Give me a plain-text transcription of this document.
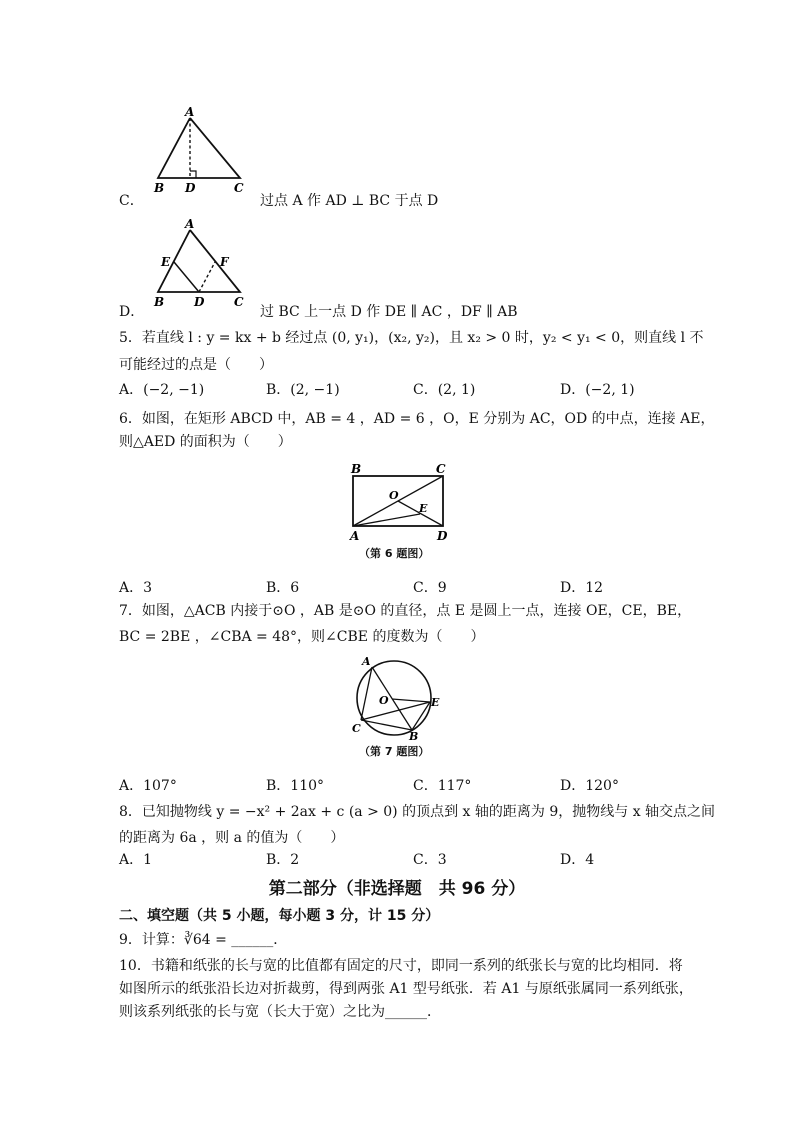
A
B D	C
C．	过点 A 作 AD ⊥ BC 于点 D
A
E	F
B D C
D．	过 BC 上一点 D 作 DE ∥ AC ，DF ∥ AB
5．若直线 l : y = kx + b 经过点 (0, y₁)，(x₂, y₂)，且 x₂ > 0 时，y₂ < y₁ < 0，则直线 l 不
可能经过的点是（　　）
A．(−2, −1)	B．(2, −1)	C．(2, 1)	D．(−2, 1)
6．如图，在矩形 ABCD 中，AB = 4 ，AD = 6 ，O，E 分别为 AC，OD 的中点，连接 AE，
则△AED 的面积为（　　）
B	C
O
E
A	D
（第 6 题图）
A．3	B．6	C．9	D．12
7．如图，△ACB 内接于⊙O ，AB 是⊙O 的直径，点 E 是圆上一点，连接 OE，CE，BE，
BC = 2BE ，∠CBA = 48°，则∠CBE 的度数为（　　）
A
O	E
C
B
（第 7 题图）
A．107°	B．110°	C．117°	D．120°
8．已知抛物线 y = −x² + 2ax + c (a > 0) 的顶点到 x 轴的距离为 9，抛物线与 x 轴交点之间
的距离为 6a ，则 a 的值为（　　）
A．1	B．2	C．3	D．4
第二部分（非选择题　共 96 分）
二、填空题（共 5 小题，每小题 3 分，计 15 分）
9．计算：∛64 = ______．
10．书籍和纸张的长与宽的比值都有固定的尺寸，即同一系列的纸张长与宽的比均相同．将
如图所示的纸张沿长边对折裁剪，得到两张 A1 型号纸张．若 A1 与原纸张属同一系列纸张，
则该系列纸张的长与宽（长大于宽）之比为______．
